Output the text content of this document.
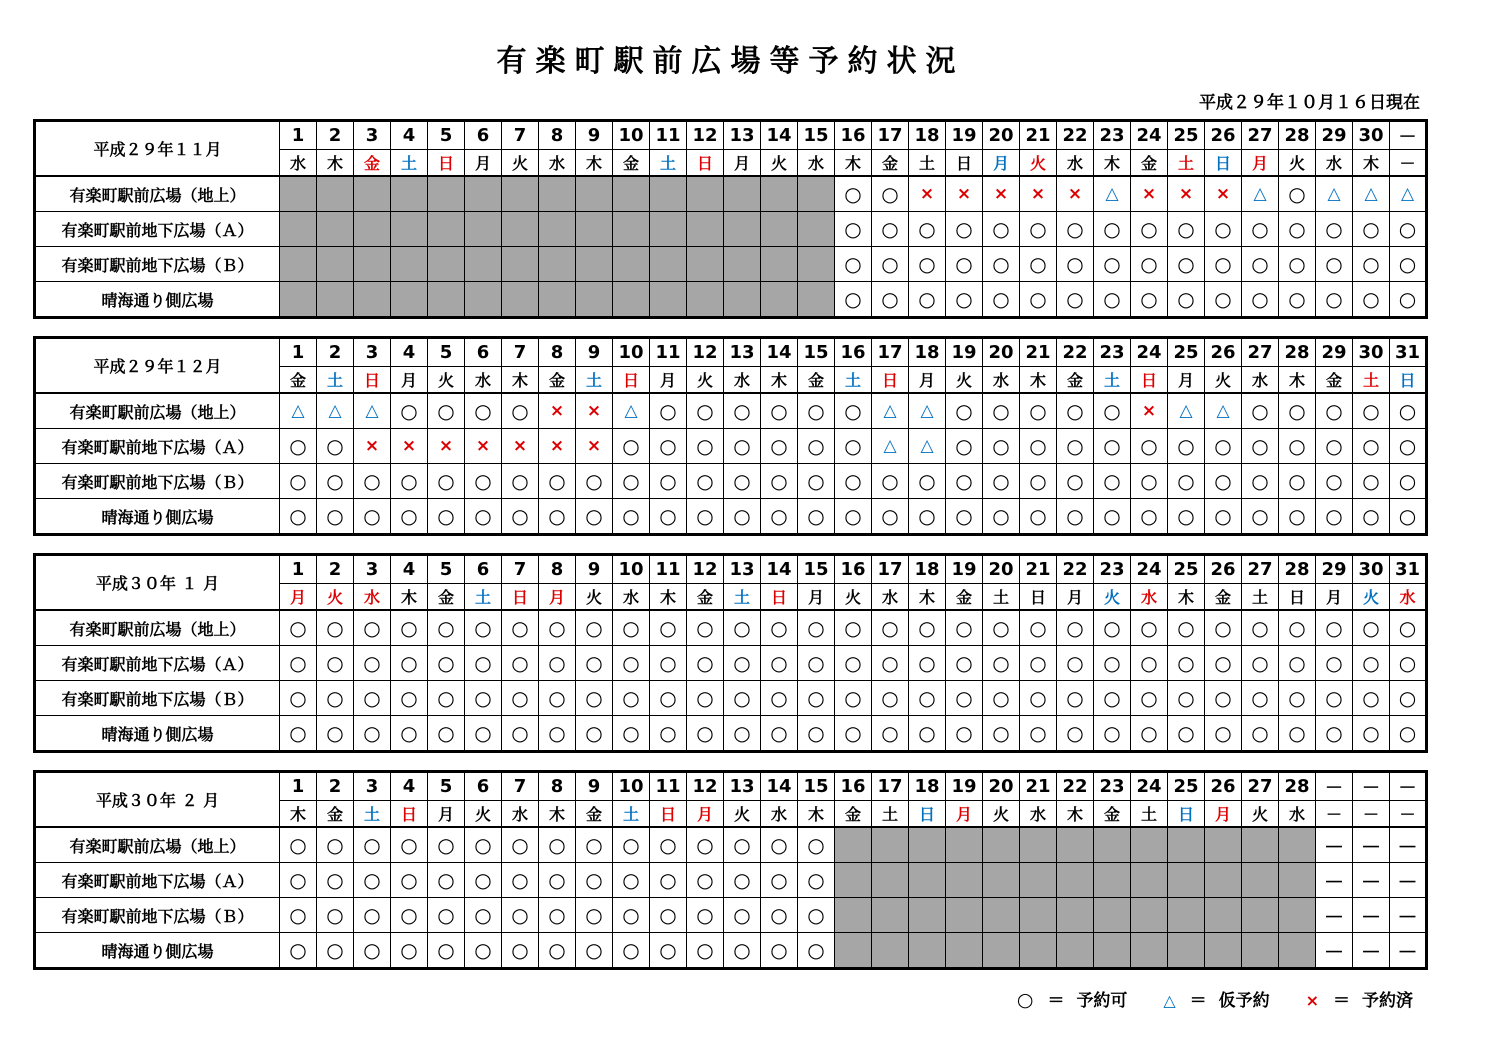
有楽町駅前広場等予約状況
平成２９年１０月１６日現在
平成２９年１１月	1	2	3	4	5	6	7	8	9	10	11	12	13	14	15	16	17	18	19	20	21	22	23	24	25	26	27	28	29	30	－
	水	木	金	土	日	月	火	水	木	金	土	日	月	火	水	木	金	土	日	月	火	水	木	金	土	日	月	火	水	木	－
有楽町駅前広場（地上）																○	○	×	×	×	×	×	△	×	×	×	△	○	△	△	△
有楽町駅前地下広場（Ａ）																○	○	○	○	○	○	○	○	○	○	○	○	○	○	○	○
有楽町駅前地下広場（Ｂ）																○	○	○	○	○	○	○	○	○	○	○	○	○	○	○	○
晴海通り側広場																○	○	○	○	○	○	○	○	○	○	○	○	○	○	○	○
平成２９年１２月	1	2	3	4	5	6	7	8	9	10	11	12	13	14	15	16	17	18	19	20	21	22	23	24	25	26	27	28	29	30	31
	金	土	日	月	火	水	木	金	土	日	月	火	水	木	金	土	日	月	火	水	木	金	土	日	月	火	水	木	金	土	日
有楽町駅前広場（地上）	△	△	△	○	○	○	○	×	×	△	○	○	○	○	○	○	△	△	○	○	○	○	○	×	△	△	○	○	○	○	○
有楽町駅前地下広場（Ａ）	○	○	×	×	×	×	×	×	×	○	○	○	○	○	○	○	△	△	○	○	○	○	○	○	○	○	○	○	○	○	○
有楽町駅前地下広場（Ｂ）	○	○	○	○	○	○	○	○	○	○	○	○	○	○	○	○	○	○	○	○	○	○	○	○	○	○	○	○	○	○	○
晴海通り側広場	○	○	○	○	○	○	○	○	○	○	○	○	○	○	○	○	○	○	○	○	○	○	○	○	○	○	○	○	○	○	○
平成３０年 １ 月	1	2	3	4	5	6	7	8	9	10	11	12	13	14	15	16	17	18	19	20	21	22	23	24	25	26	27	28	29	30	31
	月	火	水	木	金	土	日	月	火	水	木	金	土	日	月	火	水	木	金	土	日	月	火	水	木	金	土	日	月	火	水
有楽町駅前広場（地上）	○	○	○	○	○	○	○	○	○	○	○	○	○	○	○	○	○	○	○	○	○	○	○	○	○	○	○	○	○	○	○
有楽町駅前地下広場（Ａ）	○	○	○	○	○	○	○	○	○	○	○	○	○	○	○	○	○	○	○	○	○	○	○	○	○	○	○	○	○	○	○
有楽町駅前地下広場（Ｂ）	○	○	○	○	○	○	○	○	○	○	○	○	○	○	○	○	○	○	○	○	○	○	○	○	○	○	○	○	○	○	○
晴海通り側広場	○	○	○	○	○	○	○	○	○	○	○	○	○	○	○	○	○	○	○	○	○	○	○	○	○	○	○	○	○	○	○
平成３０年 ２ 月	1	2	3	4	5	6	7	8	9	10	11	12	13	14	15	16	17	18	19	20	21	22	23	24	25	26	27	28	－	－	－
	木	金	土	日	月	火	水	木	金	土	日	月	火	水	木	金	土	日	月	火	水	木	金	土	日	月	火	水	－	－	－
有楽町駅前広場（地上）	○	○	○	○	○	○	○	○	○	○	○	○	○	○	○														－	－	－
有楽町駅前地下広場（Ａ）	○	○	○	○	○	○	○	○	○	○	○	○	○	○	○														－	－	－
有楽町駅前地下広場（Ｂ）	○	○	○	○	○	○	○	○	○	○	○	○	○	○	○														－	－	－
晴海通り側広場	○	○	○	○	○	○	○	○	○	○	○	○	○	○	○														－	－	－
○ ＝ 予約可 △ ＝ 仮予約 × ＝ 予約済
